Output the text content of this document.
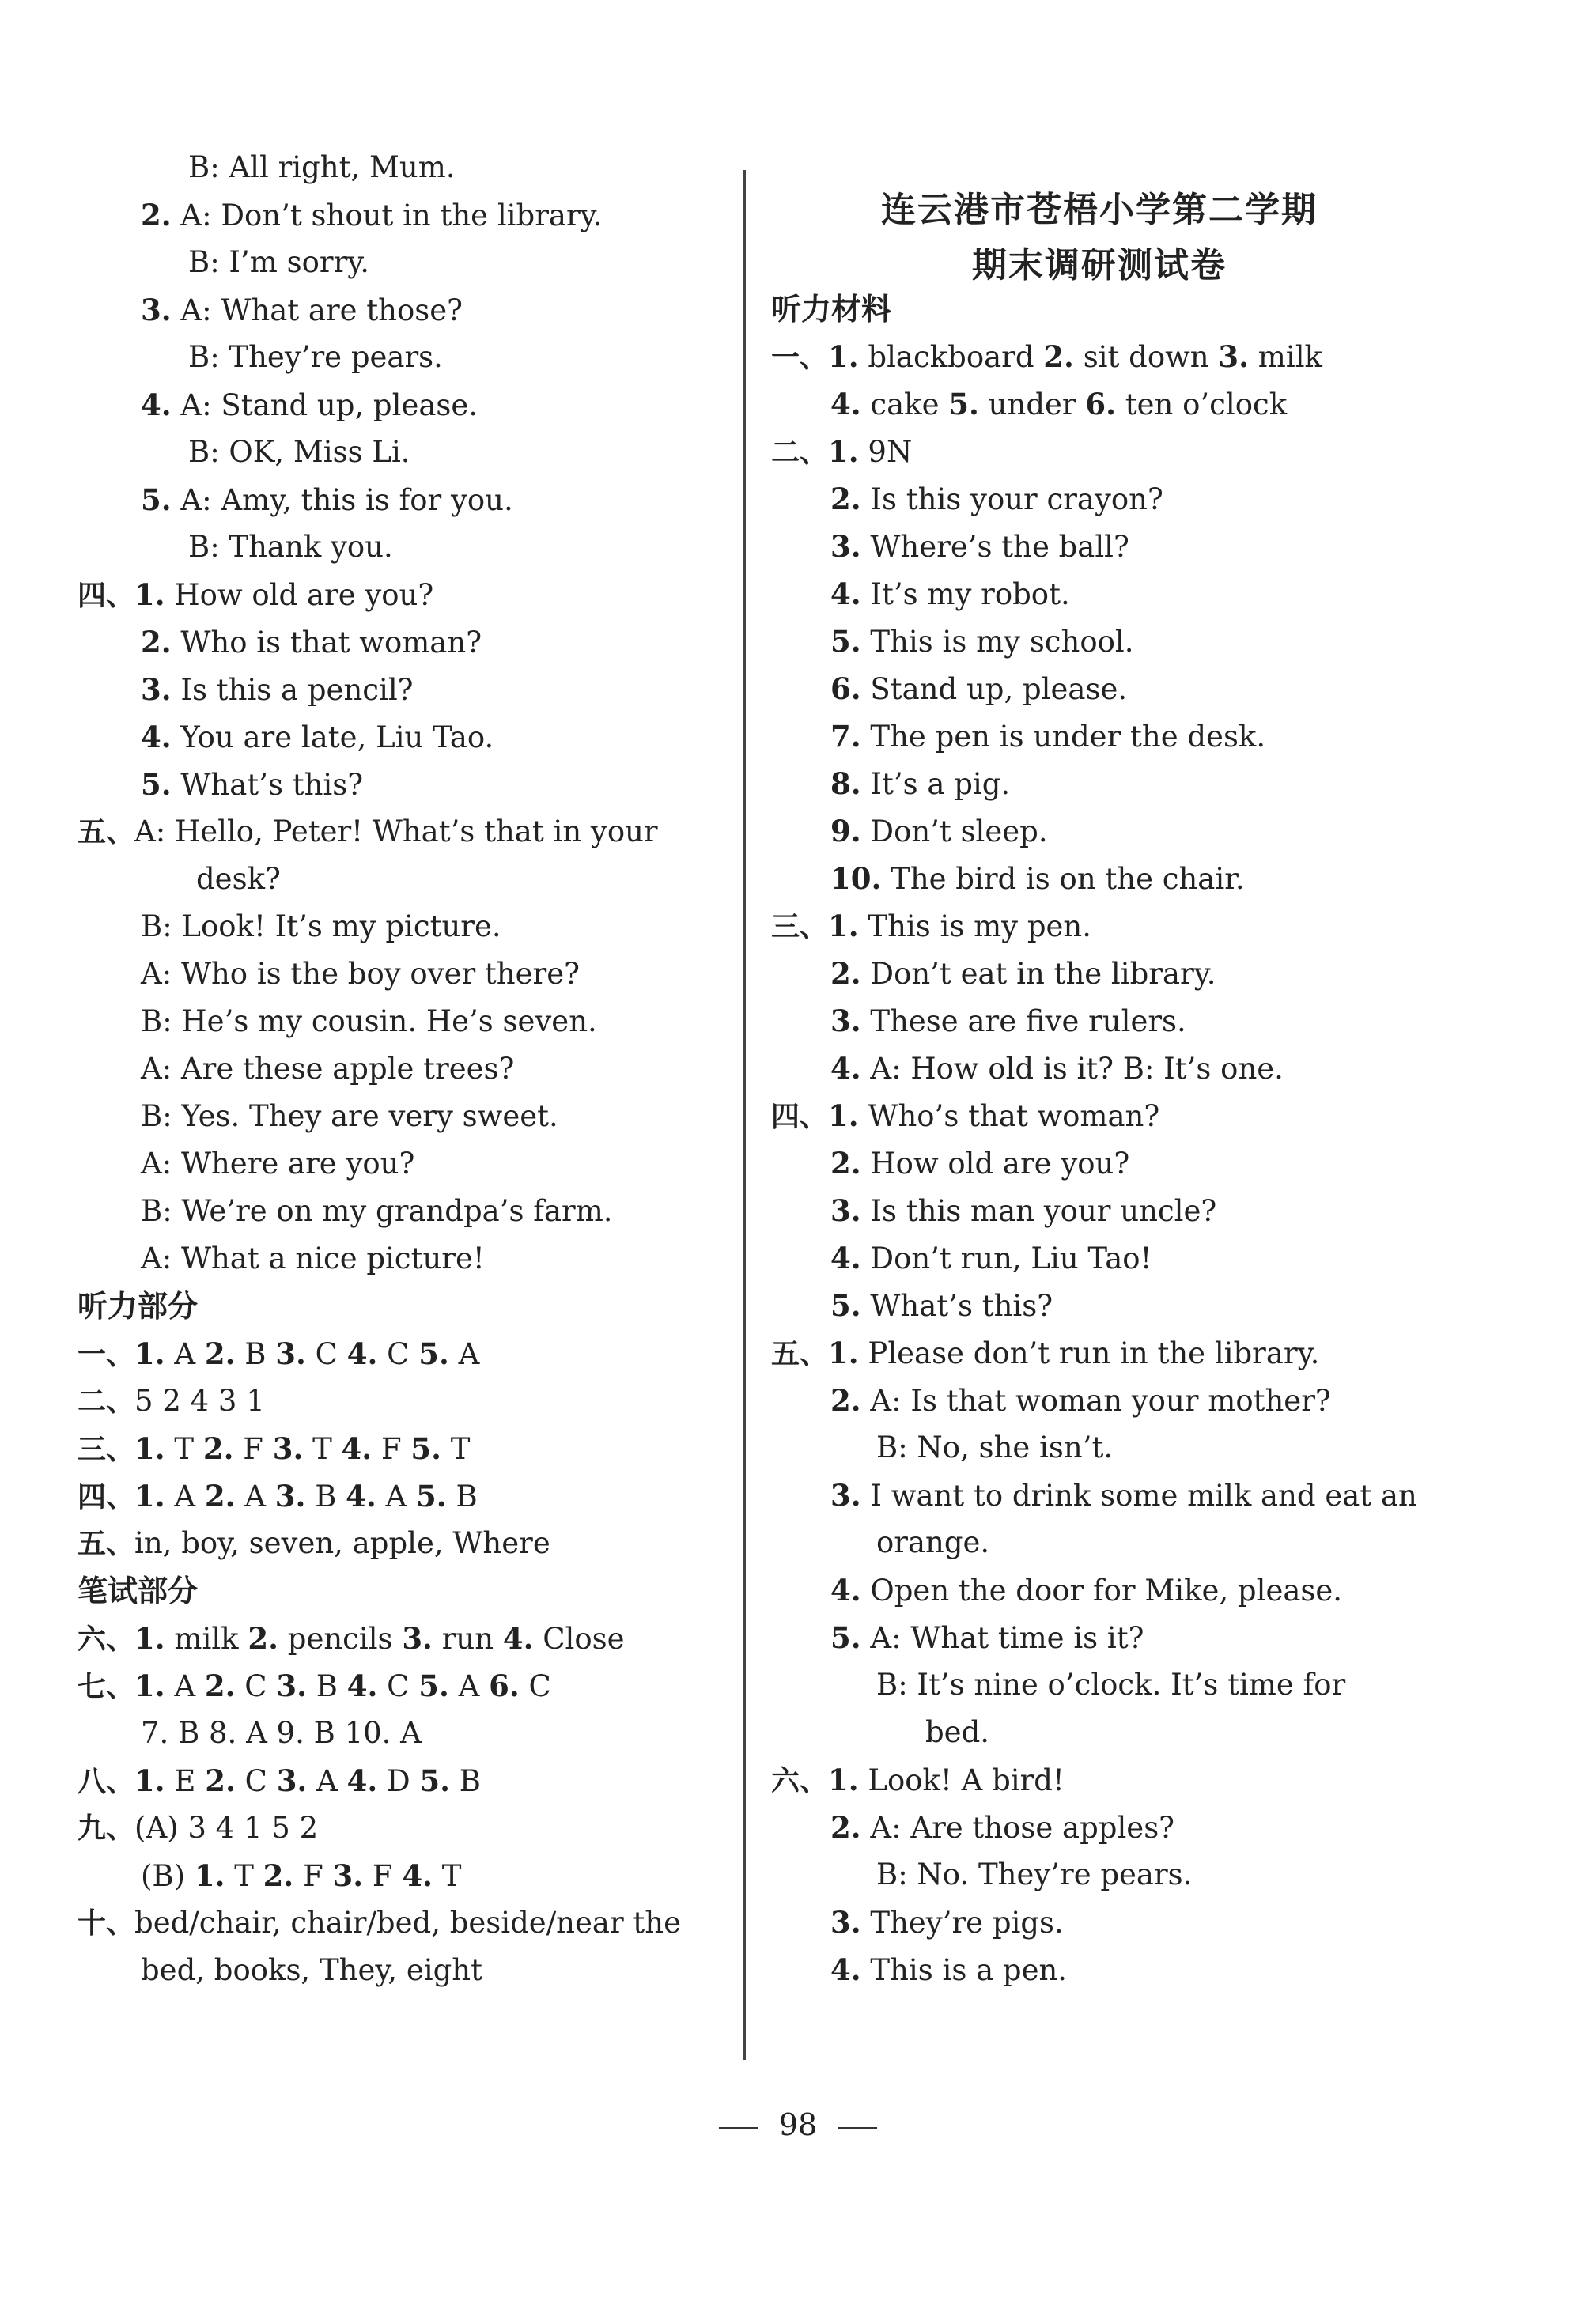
B: All right, Mum.
2. A: Don’t shout in the library.
B: I’m sorry.
3. A: What are those?
B: They’re pears.
4. A: Stand up, please.
B: OK, Miss Li.
5. A: Amy, this is for you.
B: Thank you.
四、1. How old are you?
2. Who is that woman?
3. Is this a pencil?
4. You are late, Liu Tao.
5. What’s this?
五、A: Hello, Peter! What’s that in your
desk?
B: Look! It’s my picture.
A: Who is the boy over there?
B: He’s my cousin. He’s seven.
A: Are these apple trees?
B: Yes. They are very sweet.
A: Where are you?
B: We’re on my grandpa’s farm.
A: What a nice picture!
听力部分
一、1. A 2. B 3. C 4. C 5. A
二、5 2 4 3 1
三、1. T 2. F 3. T 4. F 5. T
四、1. A 2. A 3. B 4. A 5. B
五、in, boy, seven, apple, Where
笔试部分
六、1. milk 2. pencils 3. run 4. Close
七、1. A 2. C 3. B 4. C 5. A 6. C
7. B 8. A 9. B 10. A
八、1. E 2. C 3. A 4. D 5. B
九、(A) 3 4 1 5 2
(B) 1. T 2. F 3. F 4. T
十、bed/chair, chair/bed, beside/near the
bed, books, They, eight
连云港市苍梧小学第二学期
期末调研测试卷
听力材料
一、1. blackboard 2. sit down 3. milk
4. cake 5. under 6. ten o’clock
二、1. 9N
2. Is this your crayon?
3. Where’s the ball?
4. It’s my robot.
5. This is my school.
6. Stand up, please.
7. The pen is under the desk.
8. It’s a pig.
9. Don’t sleep.
10. The bird is on the chair.
三、1. This is my pen.
2. Don’t eat in the library.
3. These are five rulers.
4. A: How old is it? B: It’s one.
四、1. Who’s that woman?
2. How old are you?
3. Is this man your uncle?
4. Don’t run, Liu Tao!
5. What’s this?
五、1. Please don’t run in the library.
2. A: Is that woman your mother?
B: No, she isn’t.
3. I want to drink some milk and eat an
orange.
4. Open the door for Mike, please.
5. A: What time is it?
B: It’s nine o’clock. It’s time for
bed.
六、1. Look! A bird!
2. A: Are those apples?
B: No. They’re pears.
3. They’re pigs.
4. This is a pen.
98
